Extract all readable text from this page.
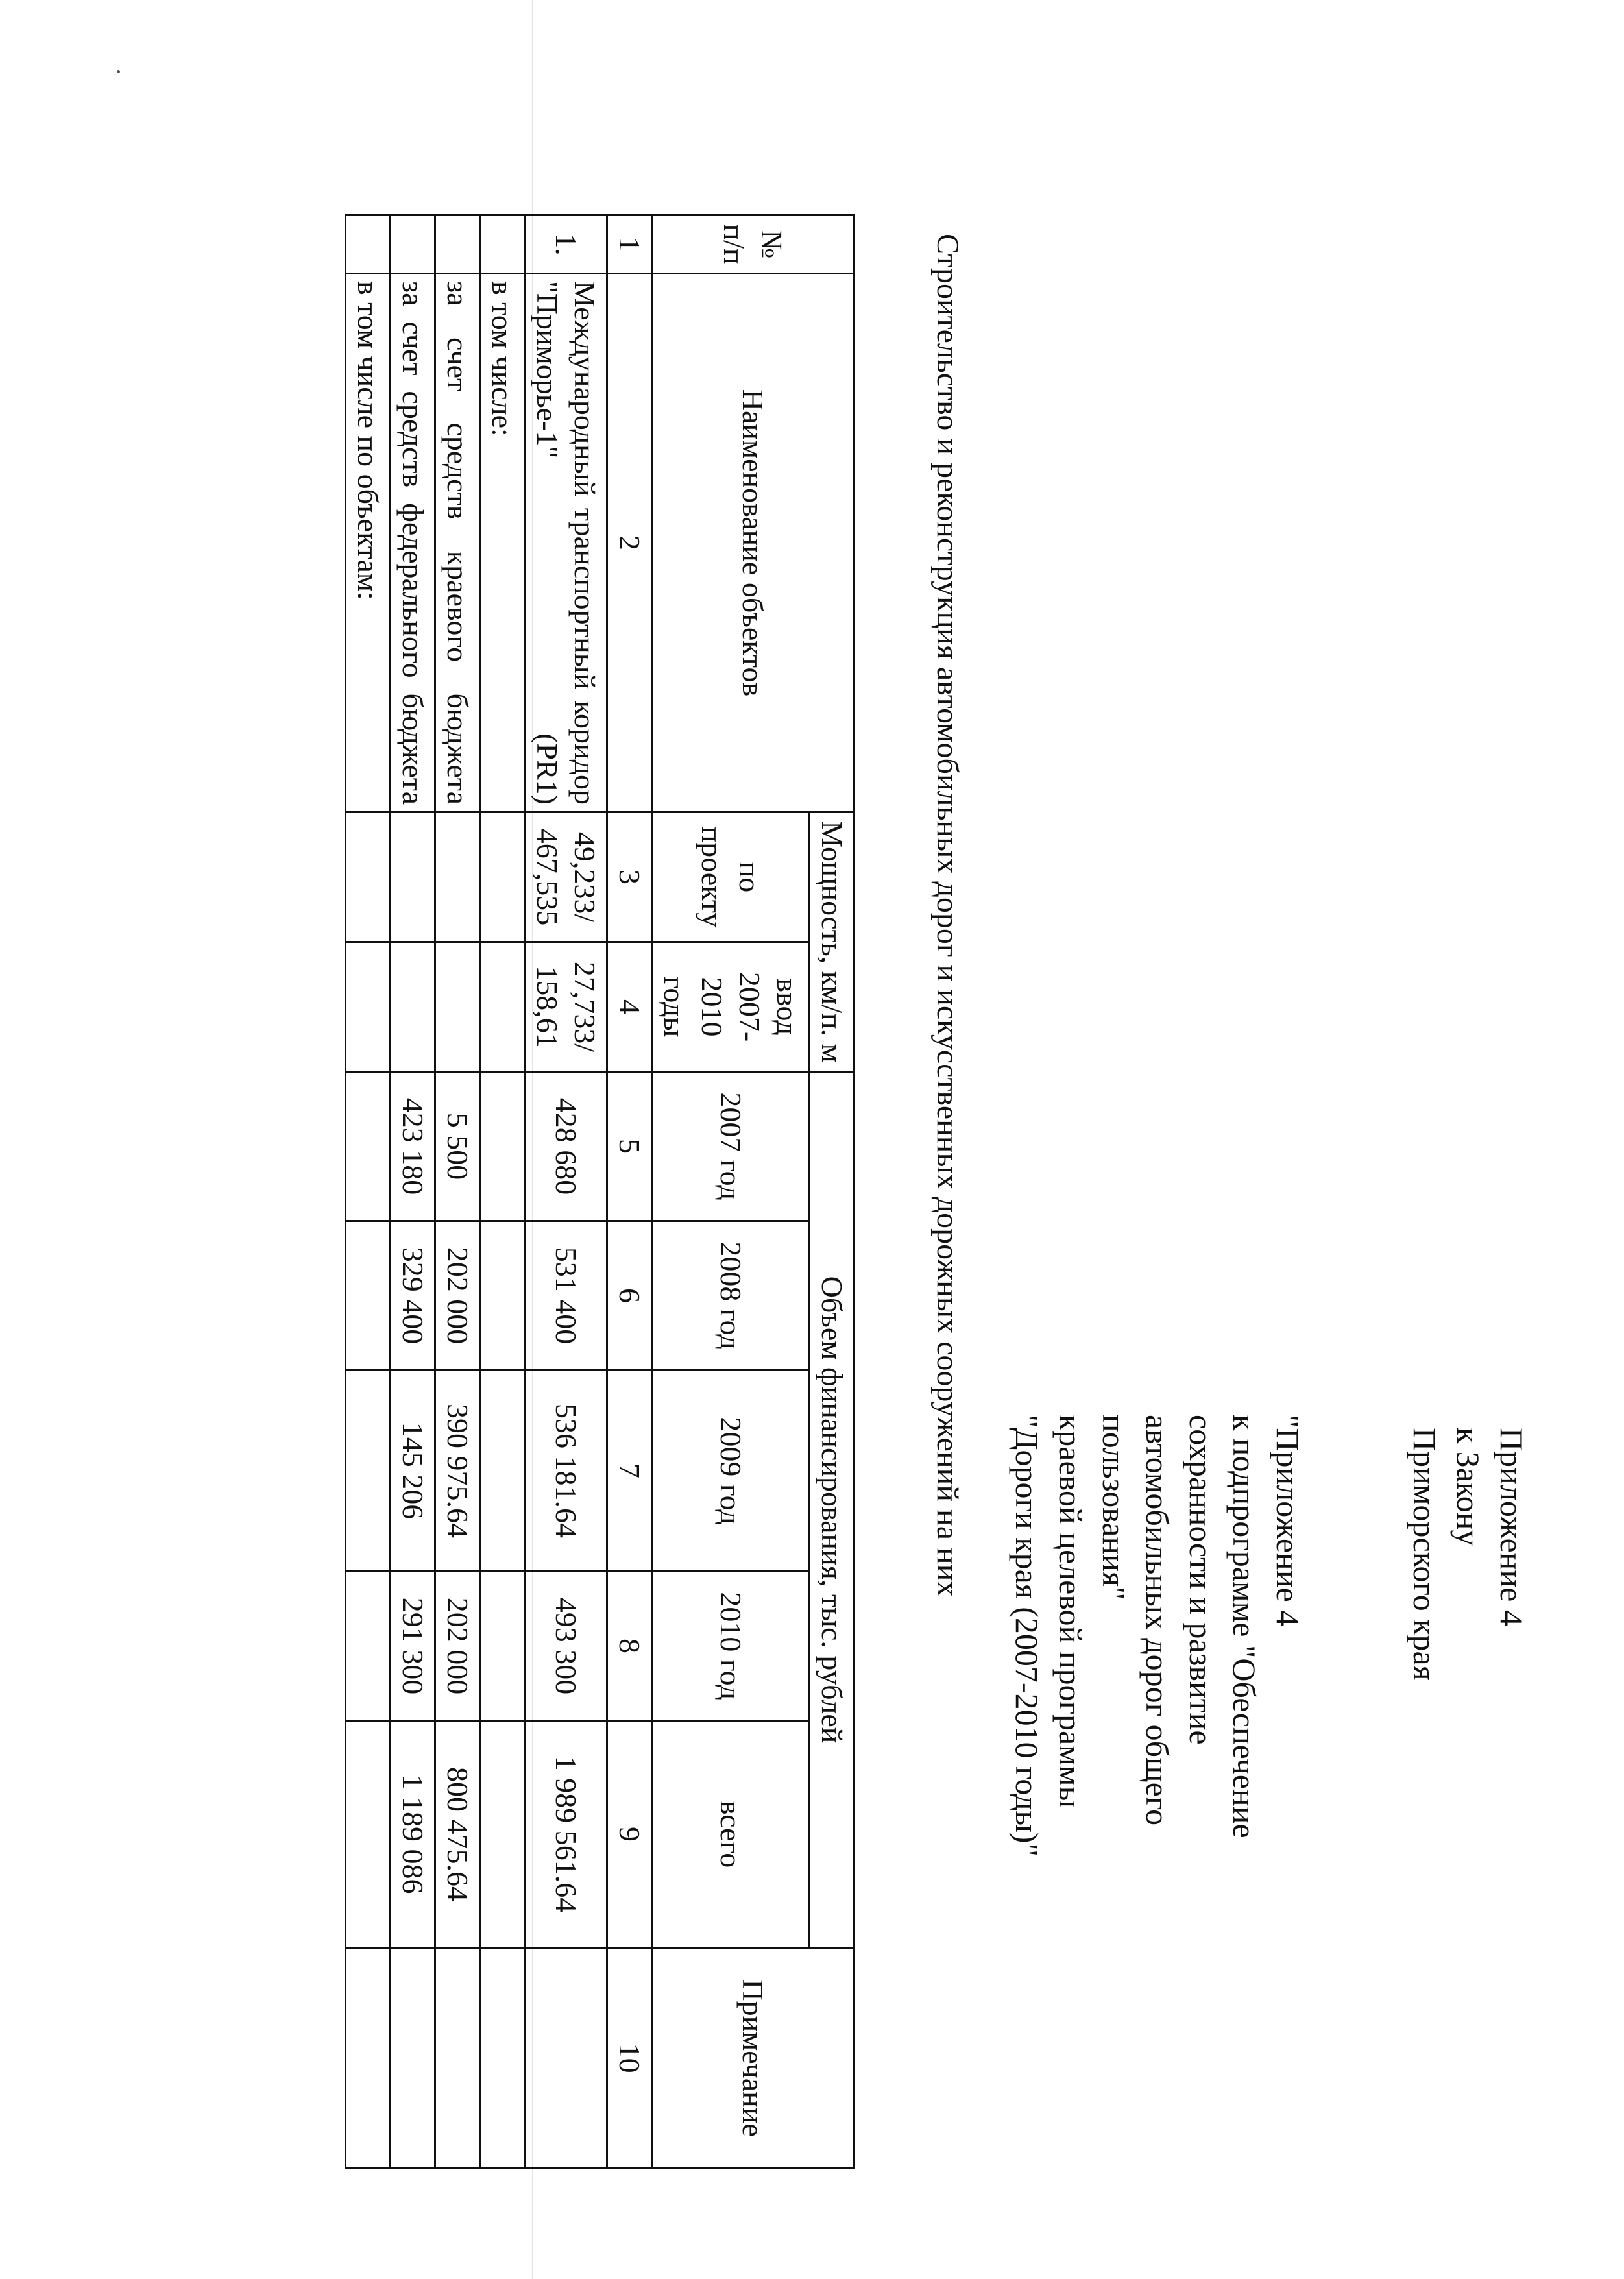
Приложение 4
к Закону
Приморского края
"Приложение 4
к подпрограмме "Обеспечение
сохранности и развитие
автомобильных дорог общего
пользования"
краевой целевой программы
"Дороги края (2007-2010 годы)"
Строительство и реконструкция автомобильных дорог и искусственных дорожных сооружений на них
№ п/п	Наименование объектов	Мощность, км/п. м		Объем финансирования, тыс. рублей					Примечание
		по проекту	ввод 2007-2010 годы	2007 год	2008 год	2009 год	2010 год	всего	
1	2	3	4	5	6	7	8	9	10
1.	Международный транспортный коридор "Приморье-1" (PR1)	49,233/ 467,535	27,733/ 158,61	428 680	531 400	536 181.64	493 300	1 989 561.64	
	в том числе:								
	за счет средств краевого бюджета			5 500	202 000	390 975.64	202 000	800 475.64	
	за счет средств федерального бюджета			423 180	329 400	145 206	291 300	1 189 086	
	в том числе по объектам:								
